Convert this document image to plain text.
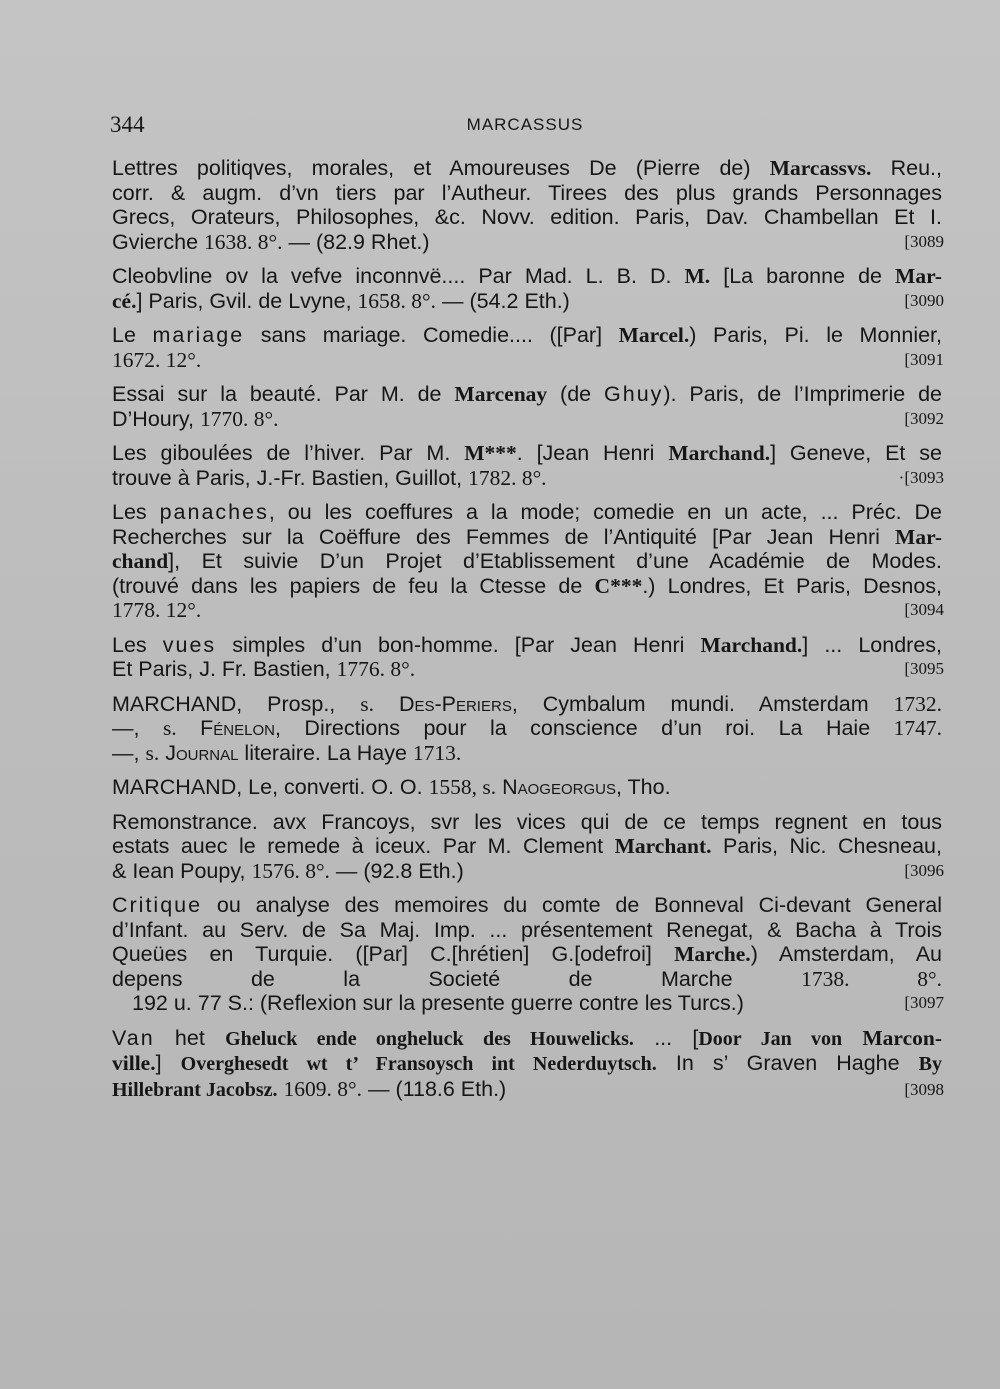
344	MARCASSUS
Lettres politiqves, morales, et Amoureuses De (Pierre de) Marcassvs. Reu.,
corr. & augm. d’vn tiers par l’Autheur. Tirees des plus grands Personnages
Grecs, Orateurs, Philosophes, &c. Novv. edition. Paris, Dav. Chambellan Et I.
Gvierche 1638. 8°. — (82.9 Rhet.)	[3089
Cleobvline ov la vefve inconnvë.... Par Mad. L. B. D. M. [La baronne de Mar-
cé.] Paris, Gvil. de Lvyne, 1658. 8°. — (54.2 Eth.)	[3090
Le mariage sans mariage. Comedie.... ([Par] Marcel.) Paris, Pi. le Monnier,
1672. 12°.	[3091
Essai sur la beauté. Par M. de Marcenay (de Ghuy). Paris, de l’Imprimerie de
D’Houry, 1770. 8°.	[3092
Les giboulées de l’hiver. Par M. M***. [Jean Henri Marchand.] Geneve, Et se
trouve à Paris, J.-Fr. Bastien, Guillot, 1782. 8°.	·[3093
Les panaches, ou les coeffures a la mode; comedie en un acte, ... Préc. De
Recherches sur la Coëffure des Femmes de l’Antiquité [Par Jean Henri Mar-
chand], Et suivie D’un Projet d’Etablissement d’une Académie de Modes.
(trouvé dans les papiers de feu la Ctesse de C***.) Londres, Et Paris, Desnos,
1778. 12°.	[3094
Les vues simples d’un bon-homme. [Par Jean Henri Marchand.] ... Londres,
Et Paris, J. Fr. Bastien, 1776. 8°.	[3095
MARCHAND, Prosp., s. Des-Periers, Cymbalum mundi. Amsterdam 1732.
—, s. Fénelon, Directions pour la conscience d’un roi. La Haie 1747.
—, s. Journal literaire. La Haye 1713.
MARCHAND, Le, converti. O. O. 1558, s. Naogeorgus, Tho.
Remonstrance. avx Francoys, svr les vices qui de ce temps regnent en tous
estats auec le remede à iceux. Par M. Clement Marchant. Paris, Nic. Chesneau,
& Iean Poupy, 1576. 8°. — (92.8 Eth.)	[3096
Critique ou analyse des memoires du comte de Bonneval Ci-devant General
d’Infant. au Serv. de Sa Maj. Imp. ... présentement Renegat, & Bacha à Trois
Queües en Turquie. ([Par] C.[hrétien] G.[odefroi] Marche.) Amsterdam, Au
depens de la Societé de Marche 1738. 8°.
192 u. 77 S.: (Reflexion sur la presente guerre contre les Turcs.)	[3097
Van het Gheluck ende ongheluck des Houwelicks. ... [Door Jan von Marcon-
ville.] Overghesedt wt t’ Fransoysch int Nederduytsch. In s’ Graven Haghe By
Hillebrant Jacobsz. 1609. 8°. — (118.6 Eth.)	[3098
